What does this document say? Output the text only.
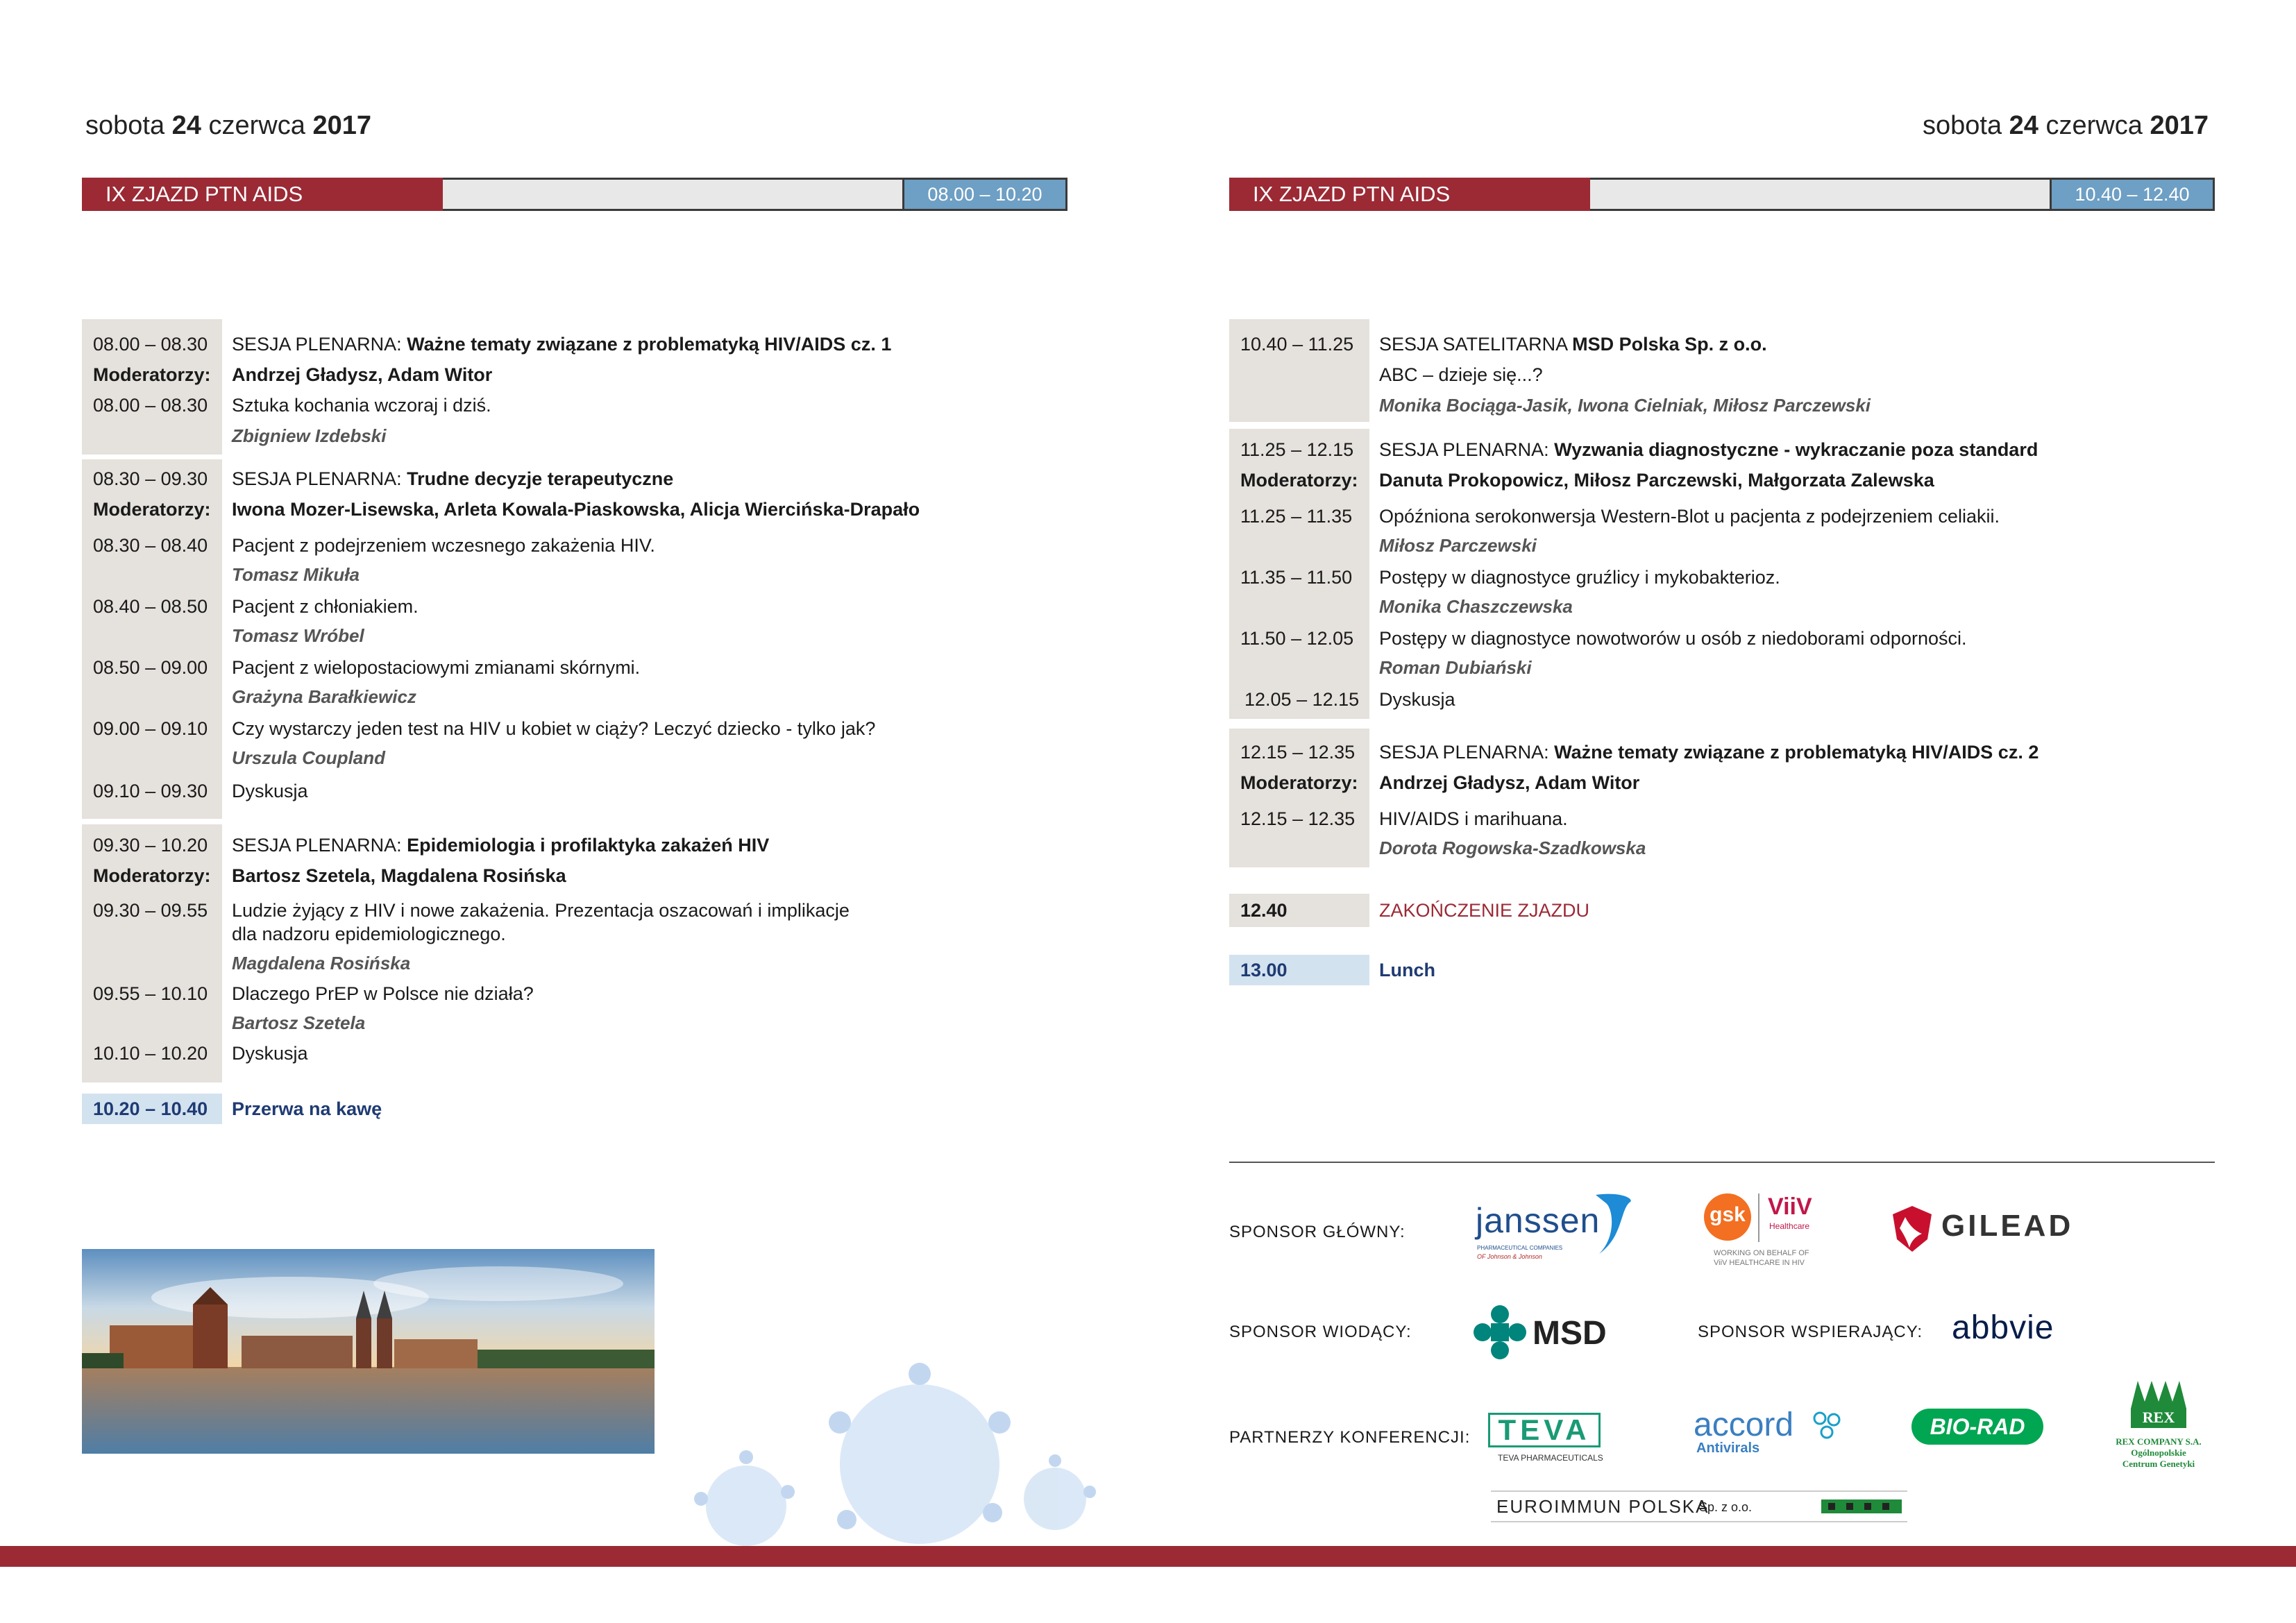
sobota 24 czerwca 2017
IX ZJAZD PTN AIDS	08.00 – 10.20
08.00 – 08.30 SESJA PLENARNA: Ważne tematy związane z problematyką HIV/AIDS cz. 1
Moderatorzy: Andrzej Gładysz, Adam Witor
08.00 – 08.30 Sztuka kochania wczoraj i dziś.
Zbigniew Izdebski
08.30 – 09.30 SESJA PLENARNA: Trudne decyzje terapeutyczne
Moderatorzy: Iwona Mozer-Lisewska, Arleta Kowala-Piaskowska, Alicja Wiercińska-Drapało
08.30 – 08.40 Pacjent z podejrzeniem wczesnego zakażenia HIV.
Tomasz Mikuła
08.40 – 08.50 Pacjent z chłoniakiem.
Tomasz Wróbel
08.50 – 09.00 Pacjent z wielopostaciowymi zmianami skórnymi.
Grażyna Barałkiewicz
09.00 – 09.10 Czy wystarczy jeden test na HIV u kobiet w ciąży? Leczyć dziecko - tylko jak?
Urszula Coupland
09.10 – 09.30 Dyskusja
09.30 – 10.20 SESJA PLENARNA: Epidemiologia i profilaktyka zakażeń HIV
Moderatorzy: Bartosz Szetela, Magdalena Rosińska
09.30 – 09.55 Ludzie żyjący z HIV i nowe zakażenia. Prezentacja oszacowań i implikacje
dla nadzoru epidemiologicznego.
Magdalena Rosińska
09.55 – 10.10 Dlaczego PrEP w Polsce nie działa?
Bartosz Szetela
10.10 – 10.20 Dyskusja
10.20 – 10.40	Przerwa na kawę
sobota 24 czerwca 2017
IX ZJAZD PTN AIDS	10.40 – 12.40
10.40 – 11.25 SESJA SATELITARNA MSD Polska Sp. z o.o.
ABC – dzieje się...?
Monika Bociąga-Jasik, Iwona Cielniak, Miłosz Parczewski
11.25 – 12.15 SESJA PLENARNA: Wyzwania diagnostyczne - wykraczanie poza standard
Moderatorzy: Danuta Prokopowicz, Miłosz Parczewski, Małgorzata Zalewska
11.25 – 11.35 Opóźniona serokonwersja Western-Blot u pacjenta z podejrzeniem celiakii.
Miłosz Parczewski
11.35 – 11.50 Postępy w diagnostyce gruźlicy i mykobakterioz.
Monika Chaszczewska
11.50 – 12.05 Postępy w diagnostyce nowotworów u osób z niedoborami odporności.
Roman Dubiański
12.05 – 12.15 Dyskusja
12.15 – 12.35 SESJA PLENARNA: Ważne tematy związane z problematyką HIV/AIDS cz. 2
Moderatorzy: Andrzej Gładysz, Adam Witor
12.15 – 12.35 HIV/AIDS i marihuana.
Dorota Rogowska-Szadkowska
12.40	ZAKOŃCZENIE ZJAZDU
13.00	Lunch
SPONSOR GŁÓWNY:
SPONSOR WIODĄCY:	SPONSOR WSPIERAJĄCY:
PARTNERZY KONFERENCJI:
janssen
PHARMACEUTICAL COMPANIES
OF Johnson & Johnson
gsk ViiV
Healthcare
WORKING ON BEHALF OF
ViiV HEALTHCARE IN HIV
GILEAD
MSD	abbvie
TEVA
TEVA PHARMACEUTICALS
accord
Antivirals
BIO-RAD	REX
REX COMPANY S.A.
Ogólnopolskie
Centrum Genetyki
EUROIMMUN POLSKA
Sp. z o.o.
